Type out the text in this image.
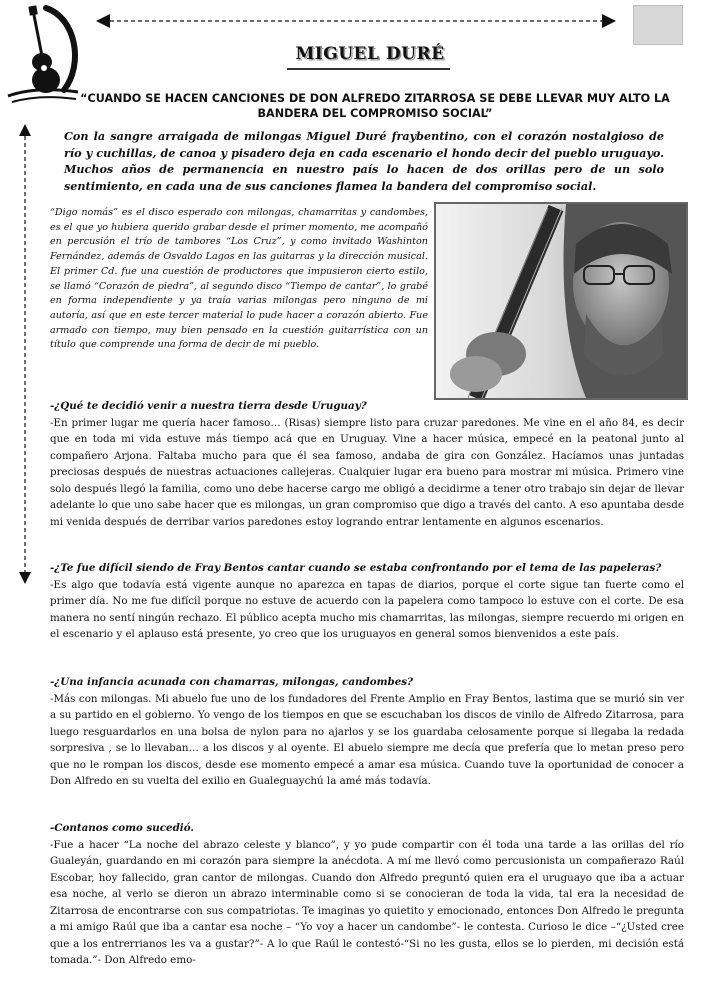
MIGUEL DURÉ

“CUANDO SE HACEN CANCIONES DE DON ALFREDO ZITARROSA SE DEBE LLEVAR MUY ALTO LA BANDERA DEL COMPROMISO SOCIAL”

Con la sangre arraigada de milongas Miguel Duré fraybentino, con el corazón nostalgioso de río y cuchillas, de canoa y pisadero deja en cada escenario el hondo decir del pueblo uruguayo. Muchos años de permanencia en nuestro país lo hacen de dos orillas pero de un solo sentimiento, en cada una de sus canciones flamea la bandera del compromiso social.

“Digo nomás” es el disco esperado con milongas, chamarritas y candombes, es el que yo hubiera querido grabar desde el primer momento, me acompañó en percusión el trío de tambores “Los Cruz”, y como invitado Washinton Fernández, además de Osvaldo Lagos en las guitarras y la dirección musical. El primer Cd. fue una cuestión de productores que impusieron cierto estilo, se llamó “Corazón de piedra”, al segundo disco “Tiempo de cantar”, lo grabé en forma independiente y ya traía varias milongas pero ninguno de mi autoría, así que en este tercer material lo pude hacer a corazón abierto. Fue armado con tiempo, muy bien pensado en la cuestión guitarrística con un título que comprende una forma de decir de mi pueblo.

-¿Qué te decidió venir a nuestra tierra desde Uruguay?
-En primer lugar me quería hacer famoso… (Risas) siempre listo para cruzar paredones. Me vine en el año 84, es decir que en toda mi vida estuve más tiempo acá que en Uruguay. Vine a hacer música, empecé en la peatonal junto al compañero Arjona. Faltaba mucho para que él sea famoso, andaba de gira con González. Hacíamos unas juntadas preciosas después de nuestras actuaciones callejeras. Cualquier lugar era bueno para mostrar mi música. Primero vine solo después llegó la familia, como uno debe hacerse cargo me obligó a decidirme a tener otro trabajo sin dejar de llevar adelante lo que uno sabe hacer que es milongas, un gran compromiso que digo a través del canto. A eso apuntaba desde mi venida después de derribar varios paredones estoy logrando entrar lentamente en algunos escenarios.
-¿Te fue difícil siendo de Fray Bentos cantar cuando se estaba confrontando por el tema de las papeleras?
-Es algo que todavía está vigente aunque no aparezca en tapas de diarios, porque el corte sigue tan fuerte como el primer día. No me fue difícil porque no estuve de acuerdo con la papelera como tampoco lo estuve con el corte. De esa manera no sentí ningún rechazo. El público acepta mucho mis chamarritas, las milongas, siempre recuerdo mi origen en el escenario y el aplauso está presente, yo creo que los uruguayos en general somos bienvenidos a este país.
-¿Una infancia acunada con chamarras, milongas, candombes?
-Más con milongas. Mi abuelo fue uno de los fundadores del Frente Amplio en Fray Bentos, lastima que se murió sin ver a su partido en el gobierno. Yo vengo de los tiempos en que se escuchaban los discos de vinilo de Alfredo Zitarrosa, para luego resguardarlos en una bolsa de nylon para no ajarlos y se los guardaba celosamente porque si llegaba la redada sorpresiva , se lo llevaban… a los discos y al oyente. El abuelo siempre me decía que prefería que lo metan preso pero que no le rompan los discos, desde ese momento empecé a amar esa música. Cuando tuve la oportunidad de conocer a Don Alfredo en su vuelta del exilio en Gualeguaychú la amé más todavía.
-Contanos como sucedió.
-Fue a hacer “La noche del abrazo celeste y blanco”, y yo pude compartir con él toda una tarde a las orillas del río Gualeyán, guardando en mi corazón para siempre la anécdota. A mí me llevó como percusionista un compañerazo Raúl Escobar, hoy fallecido, gran cantor de milongas. Cuando don Alfredo preguntó quien era el uruguayo que iba a actuar esa noche, al verlo se dieron un abrazo interminable como si se conocieran de toda la vida, tal era la necesidad de Zitarrosa de encontrarse con sus compatriotas. Te imaginas yo quietito y emocionado, entonces Don Alfredo le pregunta a mi amigo Raúl que iba a cantar esa noche – “Yo voy a hacer un candombe”- le contesta. Curioso le dice –“¿Usted cree que a los entrerrianos les va a gustar?”- A lo que Raúl le contestó-“Si no les gusta, ellos se lo pierden, mi decisión está tomada.”- Don Alfredo emo-
